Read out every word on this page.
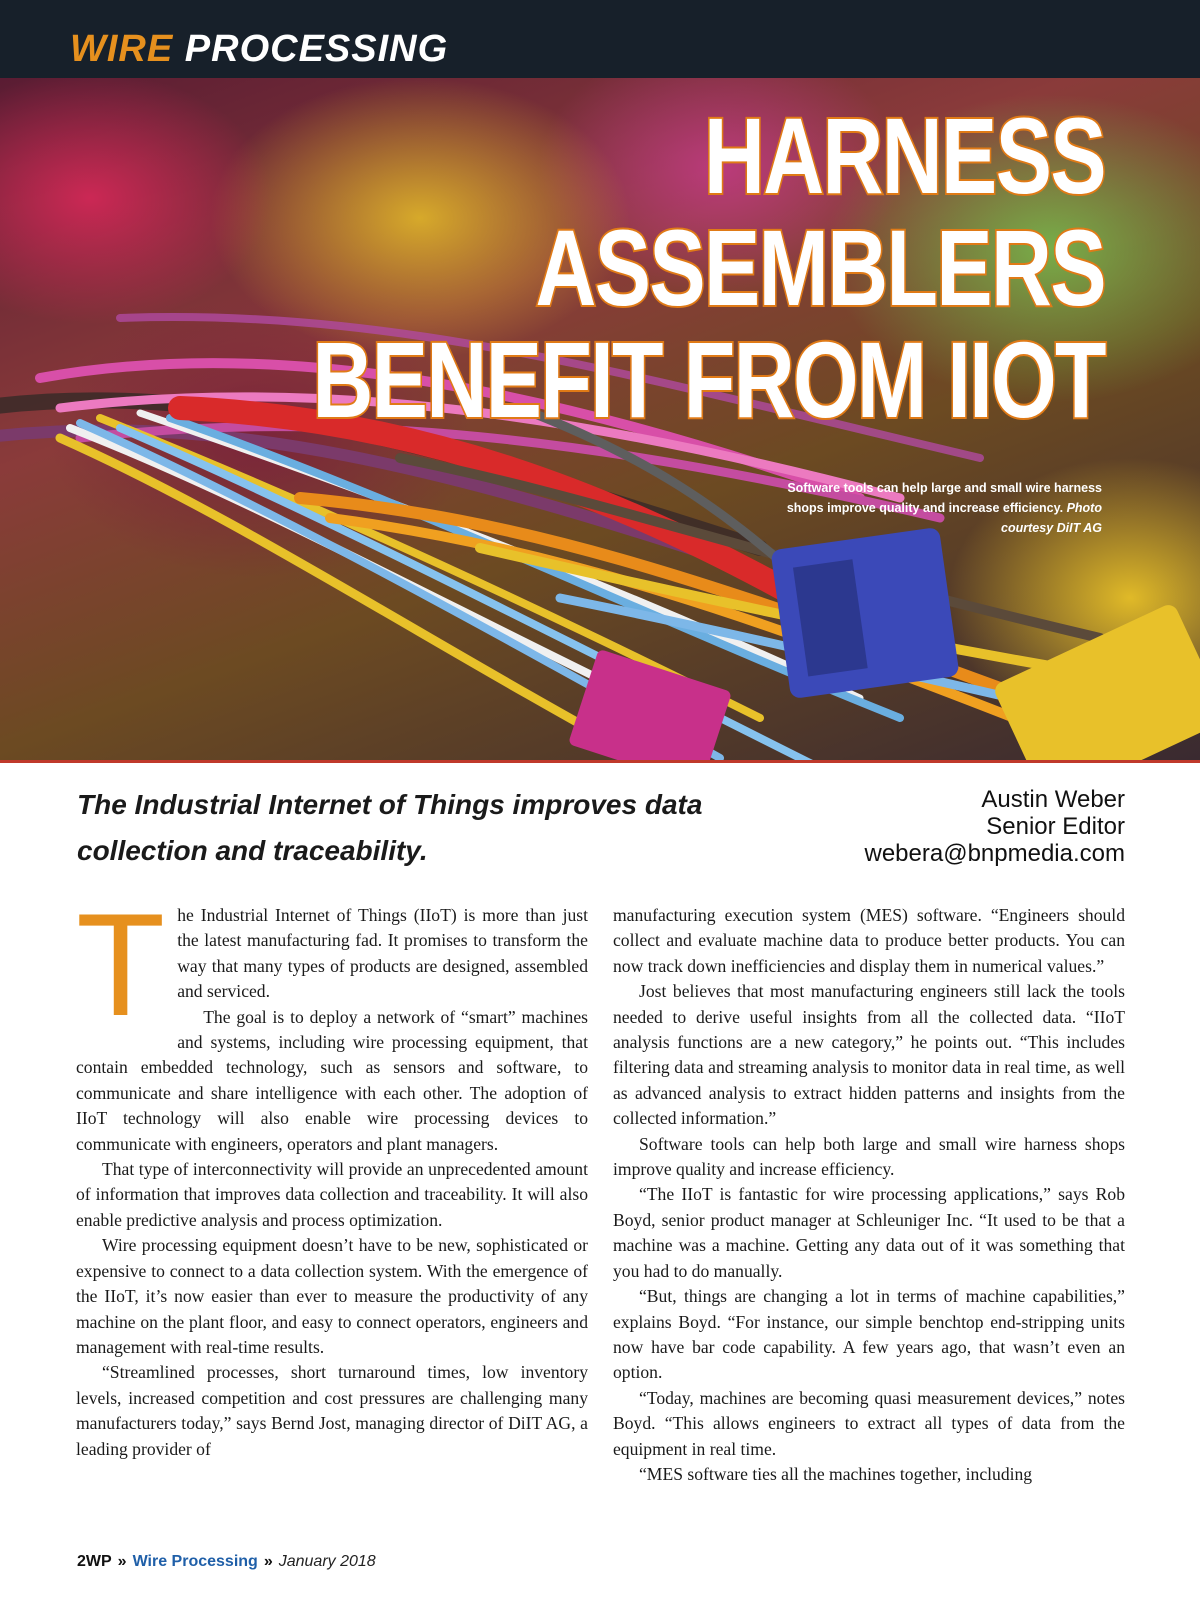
WIRE PROCESSING
HARNESS
ASSEMBLERS
BENEFIT FROM IIOT
Software tools can help large and small wire harness shops improve quality and increase efficiency. Photo courtesy DiIT AG
The Industrial Internet of Things improves data collection and traceability.
Austin Weber
Senior Editor
webera@bnpmedia.com
T he Industrial Internet of Things (IIoT) is more than just the latest manufacturing fad. It promises to transform the way that many types of products are designed, assembled and serviced.

The goal is to deploy a network of “smart” machines and systems, including wire processing equipment, that contain embedded technology, such as sensors and software, to communicate and share intelligence with each other. The adoption of IIoT technology will also enable wire processing devices to communicate with engineers, operators and plant managers.

That type of interconnectivity will provide an unprecedented amount of information that improves data collection and traceability. It will also enable predictive analysis and process optimization.

Wire processing equipment doesn’t have to be new, sophisticated or expensive to connect to a data collection system. With the emergence of the IIoT, it’s now easier than ever to measure the productivity of any machine on the plant floor, and easy to connect operators, engineers and management with real-time results.

“Streamlined processes, short turnaround times, low inventory levels, increased competition and cost pressures are challenging many manufacturers today,” says Bernd Jost, managing director of DiIT AG, a leading provider of

manufacturing execution system (MES) software. “Engineers should collect and evaluate machine data to produce better products. You can now track down inefficiencies and display them in numerical values.”

Jost believes that most manufacturing engineers still lack the tools needed to derive useful insights from all the collected data. “IIoT analysis functions are a new category,” he points out. “This includes filtering data and streaming analysis to monitor data in real time, as well as advanced analysis to extract hidden patterns and insights from the collected information.”

Software tools can help both large and small wire harness shops improve quality and increase efficiency.

“The IIoT is fantastic for wire processing applications,” says Rob Boyd, senior product manager at Schleuniger Inc. “It used to be that a machine was a machine. Getting any data out of it was something that you had to do manually.

“But, things are changing a lot in terms of machine capabilities,” explains Boyd. “For instance, our simple benchtop end-stripping units now have bar code capability. A few years ago, that wasn’t even an option.

“Today, machines are becoming quasi measurement devices,” notes Boyd. “This allows engineers to extract all types of data from the equipment in real time.

“MES software ties all the machines together, including

2WP » Wire Processing » January 2018
